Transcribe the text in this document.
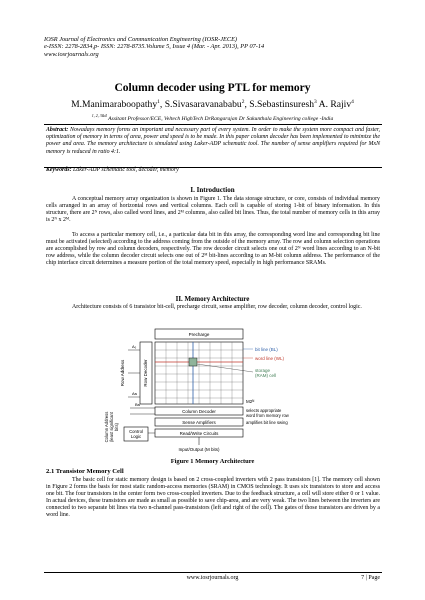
IOSR Journal of Electronics and Communication Engineering (IOSR-JECE)
e-ISSN: 2278-2834,p- ISSN: 2278-8735.Volume 5, Issue 4 (Mar. - Apr. 2013), PP 07-14
www.iosrjournals.org
Column decoder using PTL for memory
M.Manimaraboopathy$^1$, S.Sivasaravanababu$^2$, S.Sebastinsuresh$^3$ A. Rajiv$^4$
$^{1, 2, 3\&4}$ Assitant Professor/ECE, Veltech HighTech DrRangarajan Dr Sakunthala Engineering college -India
Abstract: Nowadays memory forms an important and necessary part of every system. In order to make the system more compact and faster, optimization of memory in terms of area, power and speed is to be made. In this paper column decoder has been implemented to minimize the power and area. The memory architecture is simulated using Laker-ADP schematic tool. The number of sense amplifiers required for MxN memory is reduced in ratio 4:1.
Keywords: Laker-ADP schematic tool, decoder, memory
I. Introduction
A conceptual memory array organization is shown in Figure 1. The data storage structure, or core, consists of individual memory cells arranged in an array of horizontal rows and vertical columns. Each cell is capable of storing 1-bit of binary information. In this structure, there are 2ᴺ rows, also called word lines, and 2ᴹ columns, also called bit lines. Thus, the total number of memory cells in this array is 2ᴺ x 2ᴹ.
To access a particular memory cell, i.e., a particular data bit in this array, the corresponding word line and corresponding bit line must be activated (selected) according to the address coming from the outside of the memory array. The row and column selection operations are accomplished by row and column decoders, respectively. The row decoder circuit selects one out of 2ᴺ word lines according to an N-bit row address, while the column decoder circuit selects one out of 2ᴹ bit-lines according to an M-bit column address. The performance of the chip interface circuit determines a measure portion of the total memory speed, especially in high performance SRAMs.
II. Memory Architecture
Architecture consists of 6 transistor bit-cell, precharge circuit, sense amplifier, row decoder, column decoder, control logic.
Precharge
bit line (BL)
word line (WL)
storage
(RAM) cell
M2ᴺ
Row Decoder
Row Address
A₀
Aɴ
Column Decoder
Sense Amplifiers
Read/Write Circuits
selects appropriate
word from memory row
amplifies bit line swing
Bɴ
Column Address (least significant bits)
Control
Logic
Input/Output (M bits)
Figure 1 Memory Architecture
2.1 Transistor Memory Cell
The basic cell for static memory design is based on 2 cross-coupled inverters with 2 pass transistors [1]. The memory cell shown in Figure 2 forms the basis for most static random-access memories (SRAM) in CMOS technology. It uses six transistors to store and access one bit. The four transistors in the center form two cross-coupled inverters. Due to the feedback structure, a cell will store either 0 or 1 value. In actual devices, these transistors are made as small as possible to save chip-area, and are very weak. The two lines between the inverters are connected to two separate bit lines via two n-channel pass-transistors (left and right of the cell). The gates of those transistors are driven by a word line.
www.iosrjournals.org	7 | Page
